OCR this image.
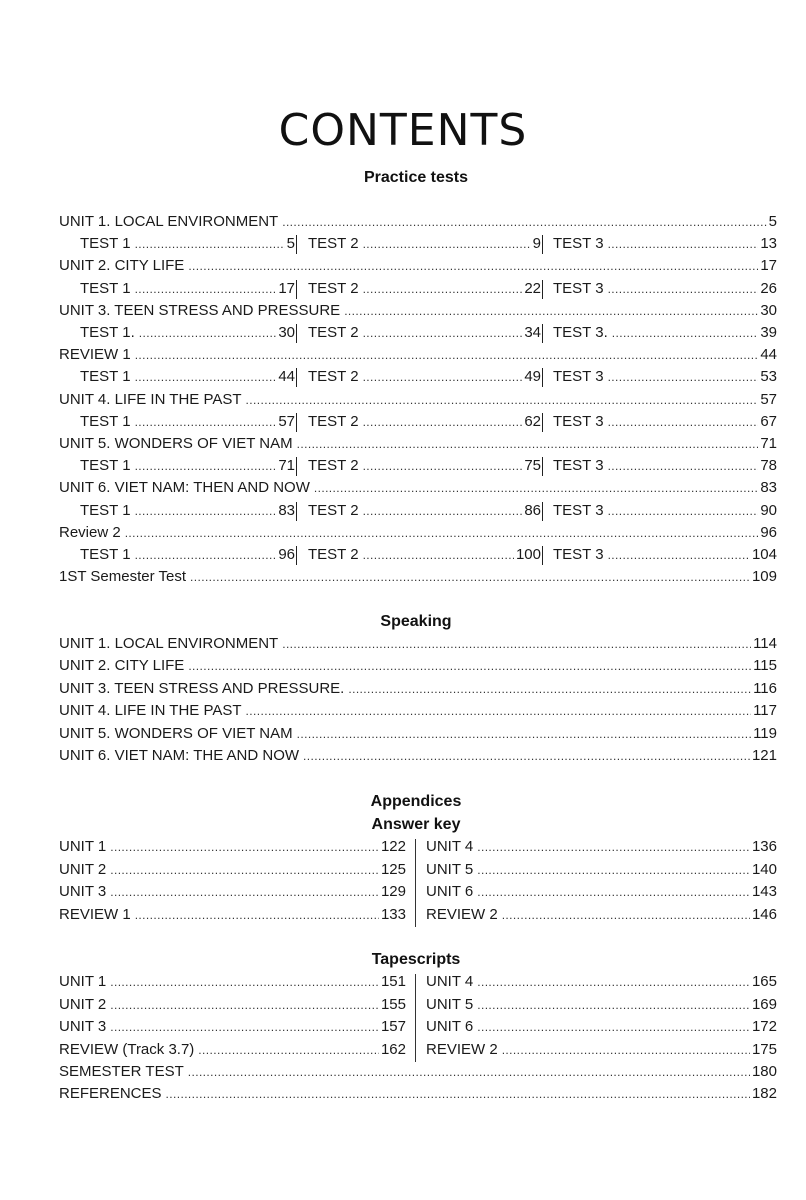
CONTENTS
Practice tests
UNIT 1. LOCAL ENVIRONMENT .....	5
TEST 1 .....	5 TEST 2 .....	9 TEST 3 .....	13
UNIT 2. CITY LIFE .....	17
TEST 1 .....	17 TEST 2 .....	22 TEST 3 .....	26
UNIT 3. TEEN STRESS AND PRESSURE .....	30
TEST 1. .....	30 TEST 2 .....	34 TEST 3. .....	39
REVIEW 1 .....	44
TEST 1 .....	44 TEST 2 .....	49 TEST 3 .....	53
UNIT 4. LIFE IN THE PAST .....	57
TEST 1 .....	57 TEST 2 .....	62 TEST 3 .....	67
UNIT 5. WONDERS OF VIET NAM .....	71
TEST 1 .....	71 TEST 2 .....	75 TEST 3 .....	78
UNIT 6. VIET NAM: THEN AND NOW .....	83
TEST 1 .....	83 TEST 2 .....	86 TEST 3 .....	90
Review 2 .....	96
TEST 1 .....	96 TEST 2 .....	100 TEST 3 .....	104
1ST Semester Test .....	109
Speaking
UNIT 1. LOCAL ENVIRONMENT .....	114
UNIT 2. CITY LIFE .....	115
UNIT 3. TEEN STRESS AND PRESSURE. .....	116
UNIT 4. LIFE IN THE PAST .....	117
UNIT 5. WONDERS OF VIET NAM .....	119
UNIT 6. VIET NAM: THE AND NOW .....	121
Appendices
Answer key
UNIT 1 .....	122
UNIT 2 .....	125
UNIT 3 .....	129
REVIEW 1 .....	133
UNIT 4 .....	136
UNIT 5 .....	140
UNIT 6 .....	143
REVIEW 2 .....	146
Tapescripts
UNIT 1 .....	151
UNIT 2 .....	155
UNIT 3 .....	157
REVIEW (Track 3.7) .....	162
UNIT 4 .....	165
UNIT 5 .....	169
UNIT 6 .....	172
REVIEW 2 .....	175
SEMESTER TEST .....	180
REFERENCES .....	182
